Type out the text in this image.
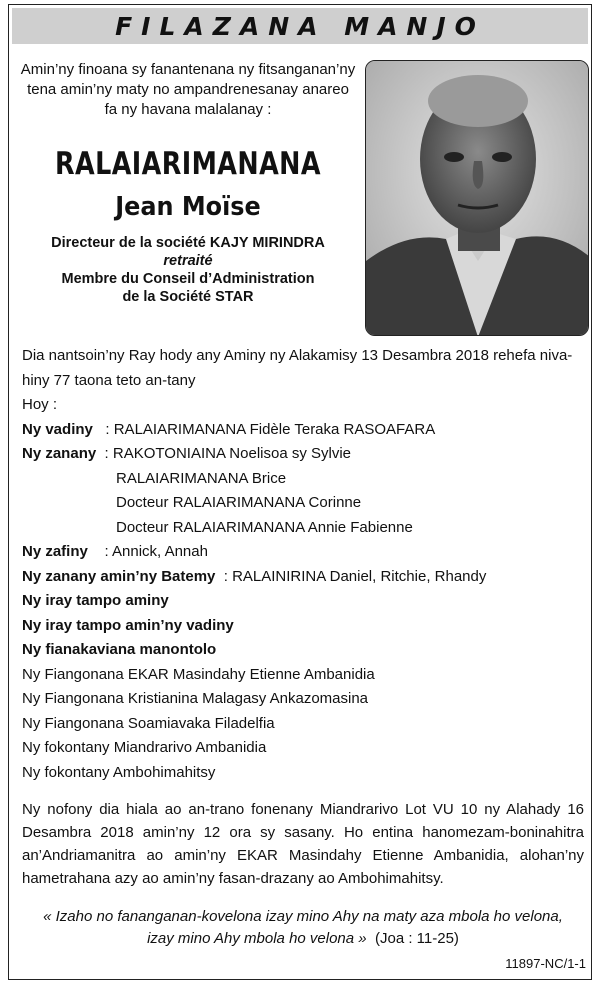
FILAZANA MANJO
Amin’ny finoana sy fanantenana ny fitsanganan’ny
tena amin’ny maty no ampandrenesanay anareo
fa ny havana malalanay :
RALAIARIMANANA
Jean Moïse
Directeur de la société KAJY MIRINDRA
retraité
Membre du Conseil d’Administration
de la Société STAR

Dia nantsoin’ny Ray hody any Aminy ny Alakamisy 13 Desambra 2018 rehefa niva-

hiny 77 taona teto an-tany

Hoy :

Ny vadiny : RALAIARIMANANA Fidèle Teraka RASOAFARA

Ny zanany : RAKOTONIAINA Noelisoa sy Sylvie

RALAIARIMANANA Brice

Docteur RALAIARIMANANA Corinne

Docteur RALAIARIMANANA Annie Fabienne

Ny zafiny : Annick, Annah

Ny zanany amin’ny Batemy : RALAINIRINA Daniel, Ritchie, Rhandy

Ny iray tampo aminy

Ny iray tampo amin’ny vadiny

Ny fianakaviana manontolo

Ny Fiangonana EKAR Masindahy Etienne Ambanidia

Ny Fiangonana Kristianina Malagasy Ankazomasina

Ny Fiangonana Soamiavaka Filadelfia

Ny fokontany Miandrarivo Ambanidia

Ny fokontany Ambohimahitsy

Ny nofony dia hiala ao an-trano fonenany Miandrarivo Lot VU 10 ny Alahady 16 Desambra 2018 amin’ny 12 ora sy sasany. Ho entina hanomezam-boninahitra an’Andriamanitra ao amin’ny EKAR Masindahy Etienne Ambanidia, alohan’ny hametrahana azy ao amin’ny fasan-drazany ao Ambohimahitsy.
« Izaho no fananganan-kovelona izay mino Ahy na maty aza mbola ho velona,
izay mino Ahy mbola ho velona » (Joa : 11-25)
11897-NC/1-1
